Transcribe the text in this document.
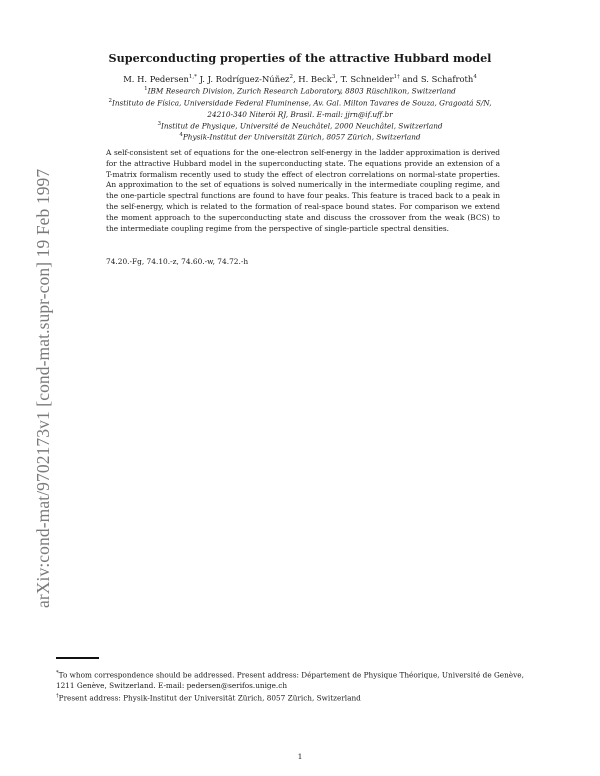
arXiv:cond-mat/9702173v1 [cond-mat.supr-con] 19 Feb 1997
Superconducting properties of the attractive Hubbard model
M. H. Pedersen$^{1,*}$ J. J. Rodríguez-Núñez$^2$, H. Beck$^3$, T. Schneider$^{1\dagger}$ and S. Schafroth$^4$
$^1$IBM Research Division, Zurich Research Laboratory, 8803 Rüschlikon, Switzerland
$^2$Instituto de Física, Universidade Federal Fluminense, Av. Gal. Milton Tavares de Souza, Gragoatá S/N,
24210-340 Niterói RJ, Brasil. E-mail: jjrn@if.uff.br
$^3$Institut de Physique, Université de Neuchâtel, 2000 Neuchâtel, Switzerland
$^4$Physik-Institut der Universität Zürich, 8057 Zürich, Switzerland
A self-consistent set of equations for the one-electron self-energy in the ladder approximation is derived for the attractive Hubbard model in the superconducting state. The equations provide an extension of a T-matrix formalism recently used to study the effect of electron correlations on normal-state properties. An approximation to the set of equations is solved numerically in the intermediate coupling regime, and the one-particle spectral functions are found to have four peaks. This feature is traced back to a peak in the self-energy, which is related to the formation of real-space bound states. For comparison we extend the moment approach to the superconducting state and discuss the crossover from the weak (BCS) to the intermediate coupling regime from the perspective of single-particle spectral densities.
74.20.-Fg, 74.10.-z, 74.60.-w, 74.72.-h
*To whom correspondence should be addressed. Present address: Département de Physique Théorique, Université de Genève,
1211 Genève, Switzerland. E-mail: pedersen@serifos.unige.ch
†Present address: Physik-Institut der Universität Zürich, 8057 Zürich, Switzerland
1
